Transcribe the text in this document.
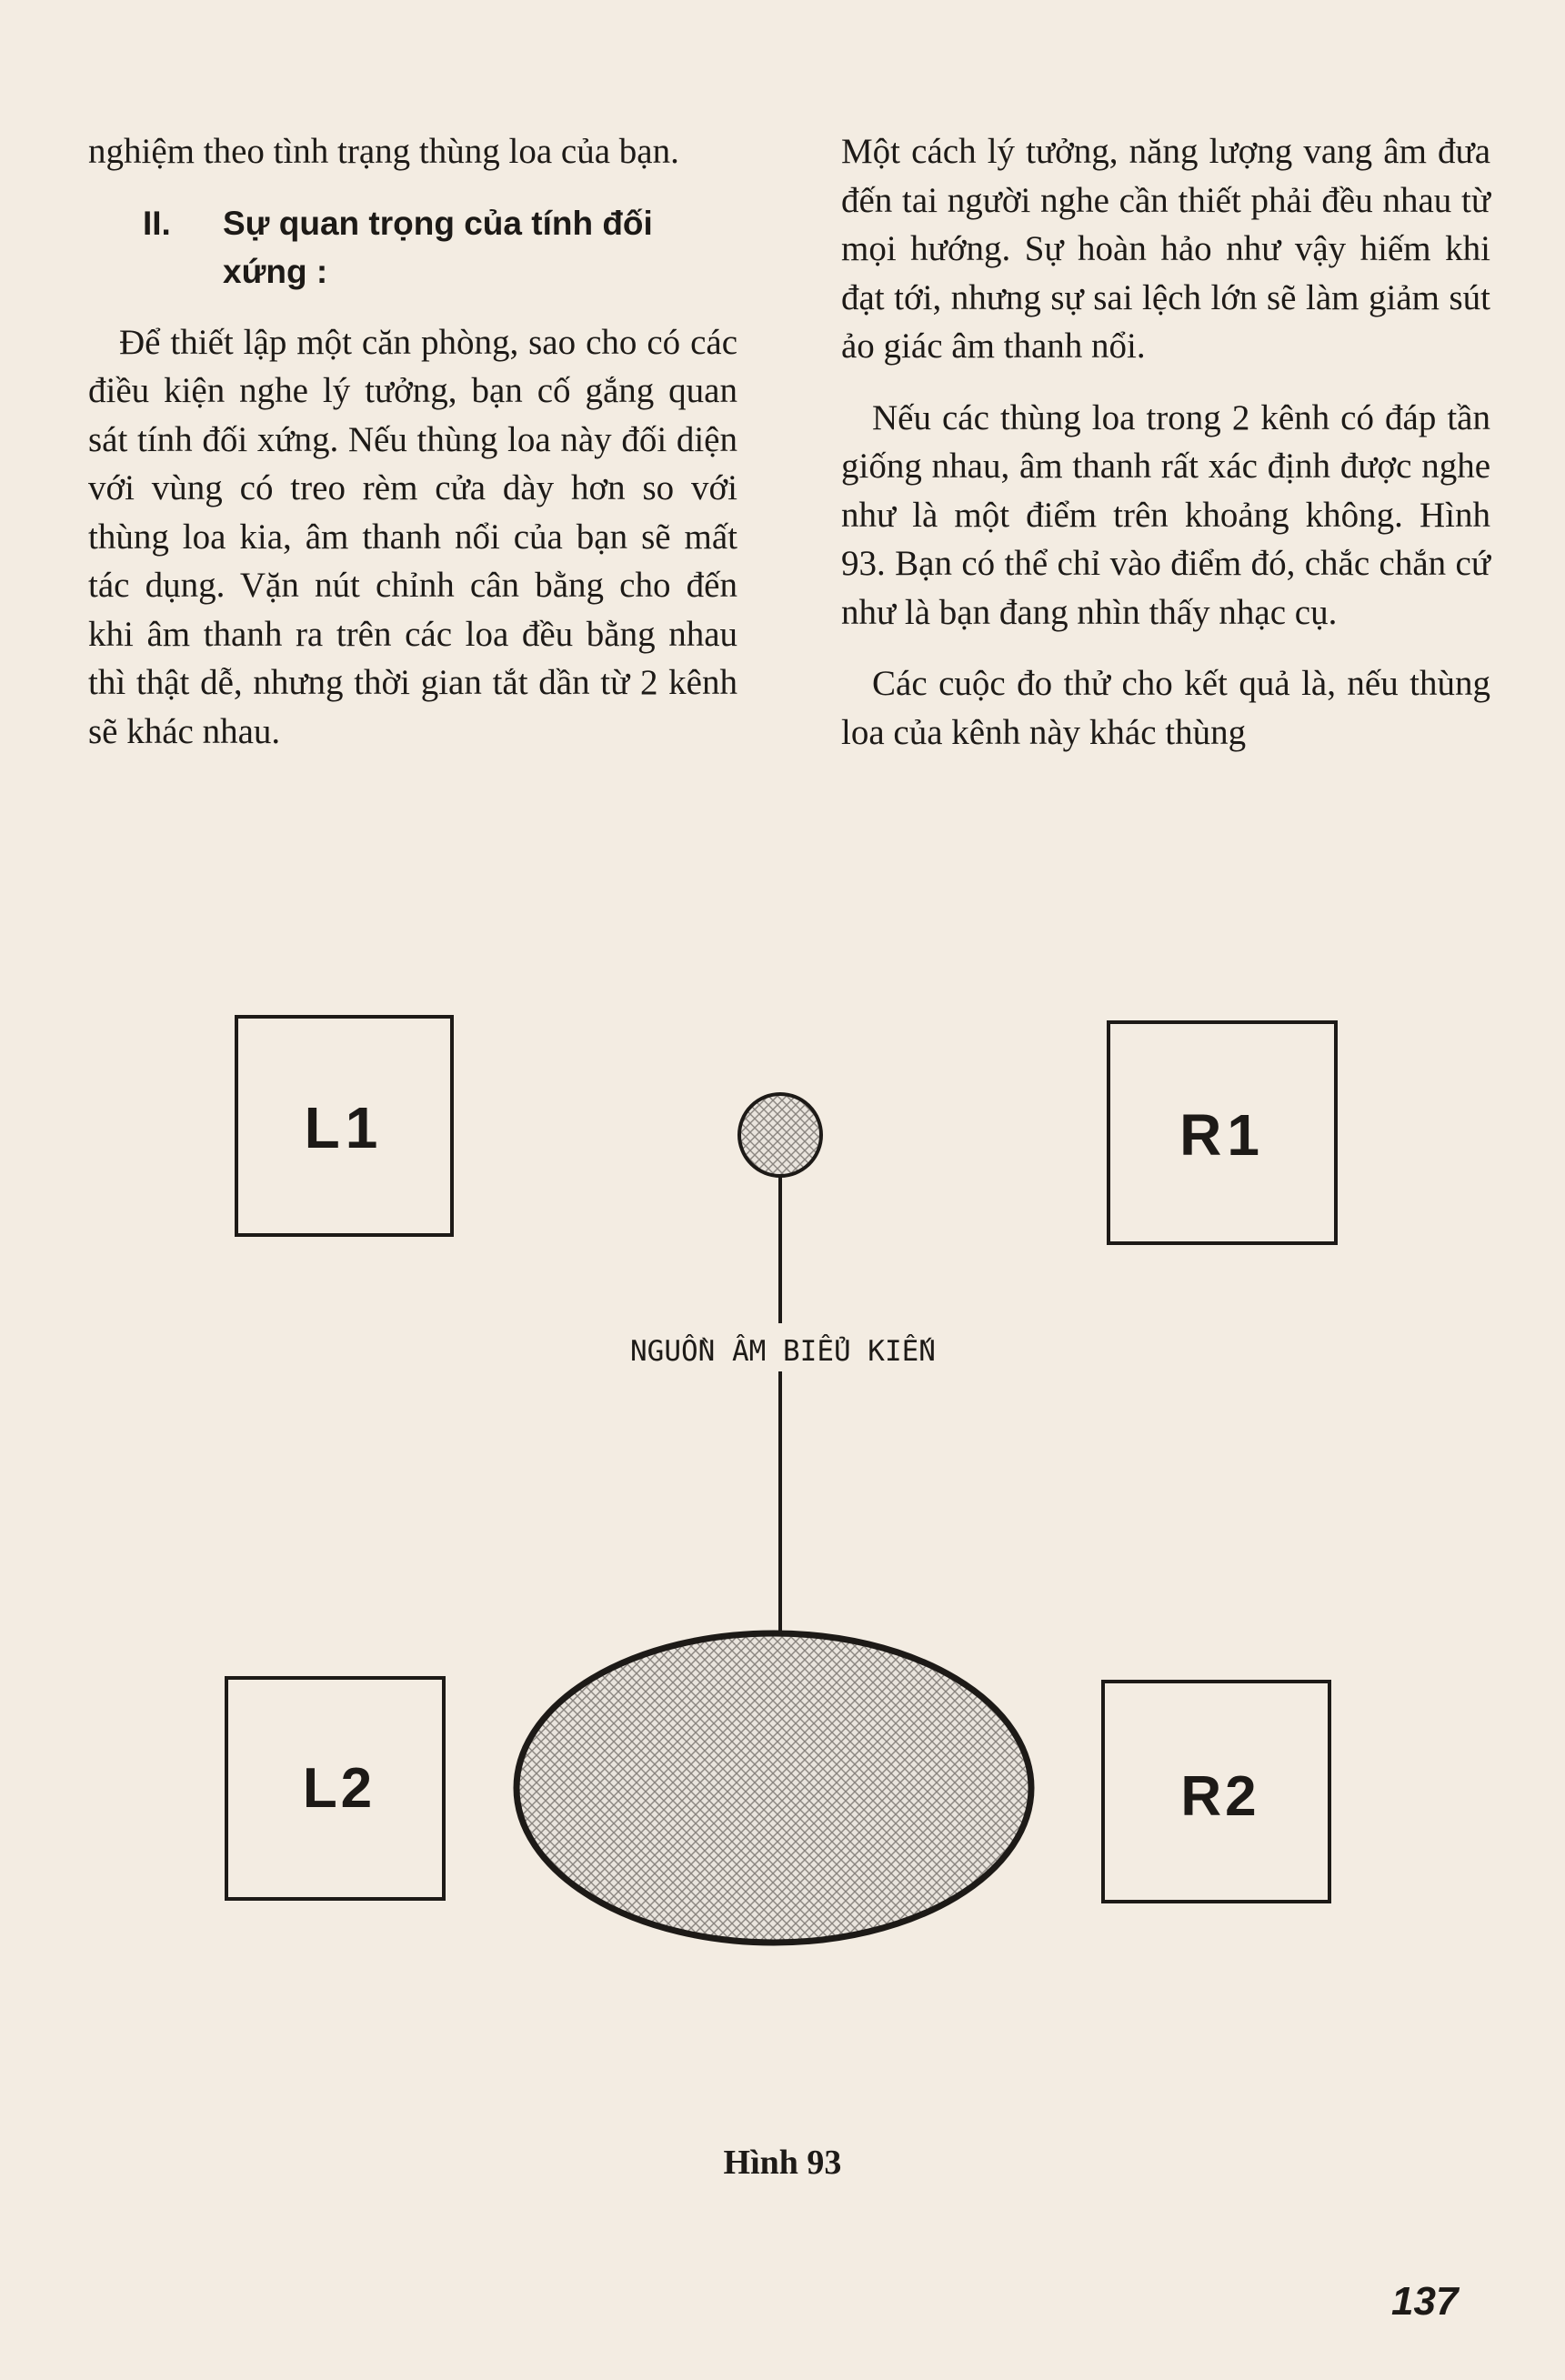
nghiệm theo tình trạng thùng loa của bạn.

II.	Sự quan trọng của tính đối xứng :

Để thiết lập một căn phòng, sao cho có các điều kiện nghe lý tưởng, bạn cố gắng quan sát tính đối xứng. Nếu thùng loa này đối diện với vùng có treo rèm cửa dày hơn so với thùng loa kia, âm thanh nổi của bạn sẽ mất tác dụng. Vặn nút chỉnh cân bằng cho đến khi âm thanh ra trên các loa đều bằng nhau thì thật dễ, nhưng thời gian tắt dần từ 2 kênh sẽ khác nhau.

Một cách lý tưởng, năng lượng vang âm đưa đến tai người nghe cần thiết phải đều nhau từ mọi hướng. Sự hoàn hảo như vậy hiếm khi đạt tới, nhưng sự sai lệch lớn sẽ làm giảm sút ảo giác âm thanh nổi.

Nếu các thùng loa trong 2 kênh có đáp tần giống nhau, âm thanh rất xác định được nghe như là một điểm trên khoảng không. Hình 93. Bạn có thể chỉ vào điểm đó, chắc chắn cứ như là bạn đang nhìn thấy nhạc cụ.

Các cuộc đo thử cho kết quả là, nếu thùng loa của kênh này khác thùng

L1	R1
L2	R2
NGUỒN ÂM BIỂU KIẾN
Hình 93
137
